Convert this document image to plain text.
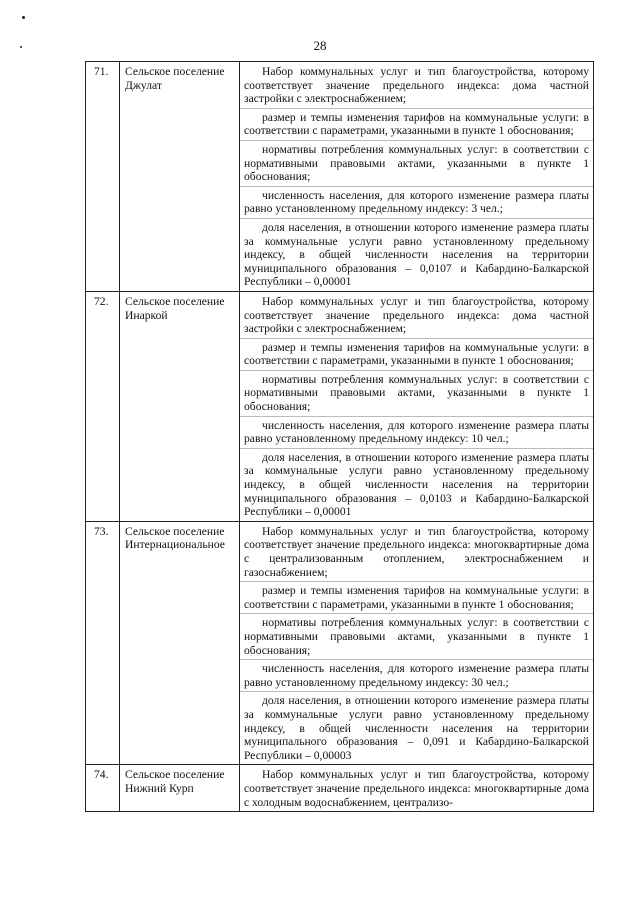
28
71.	Сельское поселение Джулат	Набор коммунальных услуг и тип благоустройства, которому соответствует значение предельного индекса: дома частной застройки с электроснабжением;
размер и темпы изменения тарифов на коммунальные услуги: в соответствии с параметрами, указанными в пункте 1 обоснования;
нормативы потребления коммунальных услуг: в соответствии с нормативными правовыми актами, указанными в пункте 1 обоснования;
численность населения, для которого изменение размера платы равно установленному предельному индексу: 3 чел.;
доля населения, в отношении которого изменение размера платы за коммунальные услуги равно установленному предельному индексу, в общей численности населения на территории муниципального образования – 0,0107 и Кабардино-Балкарской Республики – 0,00001

72.	Сельское поселение Инаркой	Набор коммунальных услуг и тип благоустройства, которому соответствует значение предельного индекса: дома частной застройки с электроснабжением;
размер и темпы изменения тарифов на коммунальные услуги: в соответствии с параметрами, указанными в пункте 1 обоснования;
нормативы потребления коммунальных услуг: в соответствии с нормативными правовыми актами, указанными в пункте 1 обоснования;
численность населения, для которого изменение размера платы равно установленному предельному индексу: 10 чел.;
доля населения, в отношении которого изменение размера платы за коммунальные услуги равно установленному предельному индексу, в общей численности населения на территории муниципального образования – 0,0103 и Кабардино-Балкарской Республики – 0,00001

73.	Сельское поселение Интернациональное	Набор коммунальных услуг и тип благоустройства, которому соответствует значение предельного индекса: многоквартирные дома с централизованным отоплением, электроснабжением и газоснабжением;
размер и темпы изменения тарифов на коммунальные услуги: в соответствии с параметрами, указанными в пункте 1 обоснования;
нормативы потребления коммунальных услуг: в соответствии с нормативными правовыми актами, указанными в пункте 1 обоснования;
численность населения, для которого изменение размера платы равно установленному предельному индексу: 30 чел.;
доля населения, в отношении которого изменение размера платы за коммунальные услуги равно установленному предельному индексу, в общей численности населения на территории муниципального образования – 0,091 и Кабардино-Балкарской Республики – 0,00003

74.	Сельское поселение Нижний Курп	Набор коммунальных услуг и тип благоустройства, которому соответствует значение предельного индекса: многоквартирные дома с холодным водоснабжением, централизо-
